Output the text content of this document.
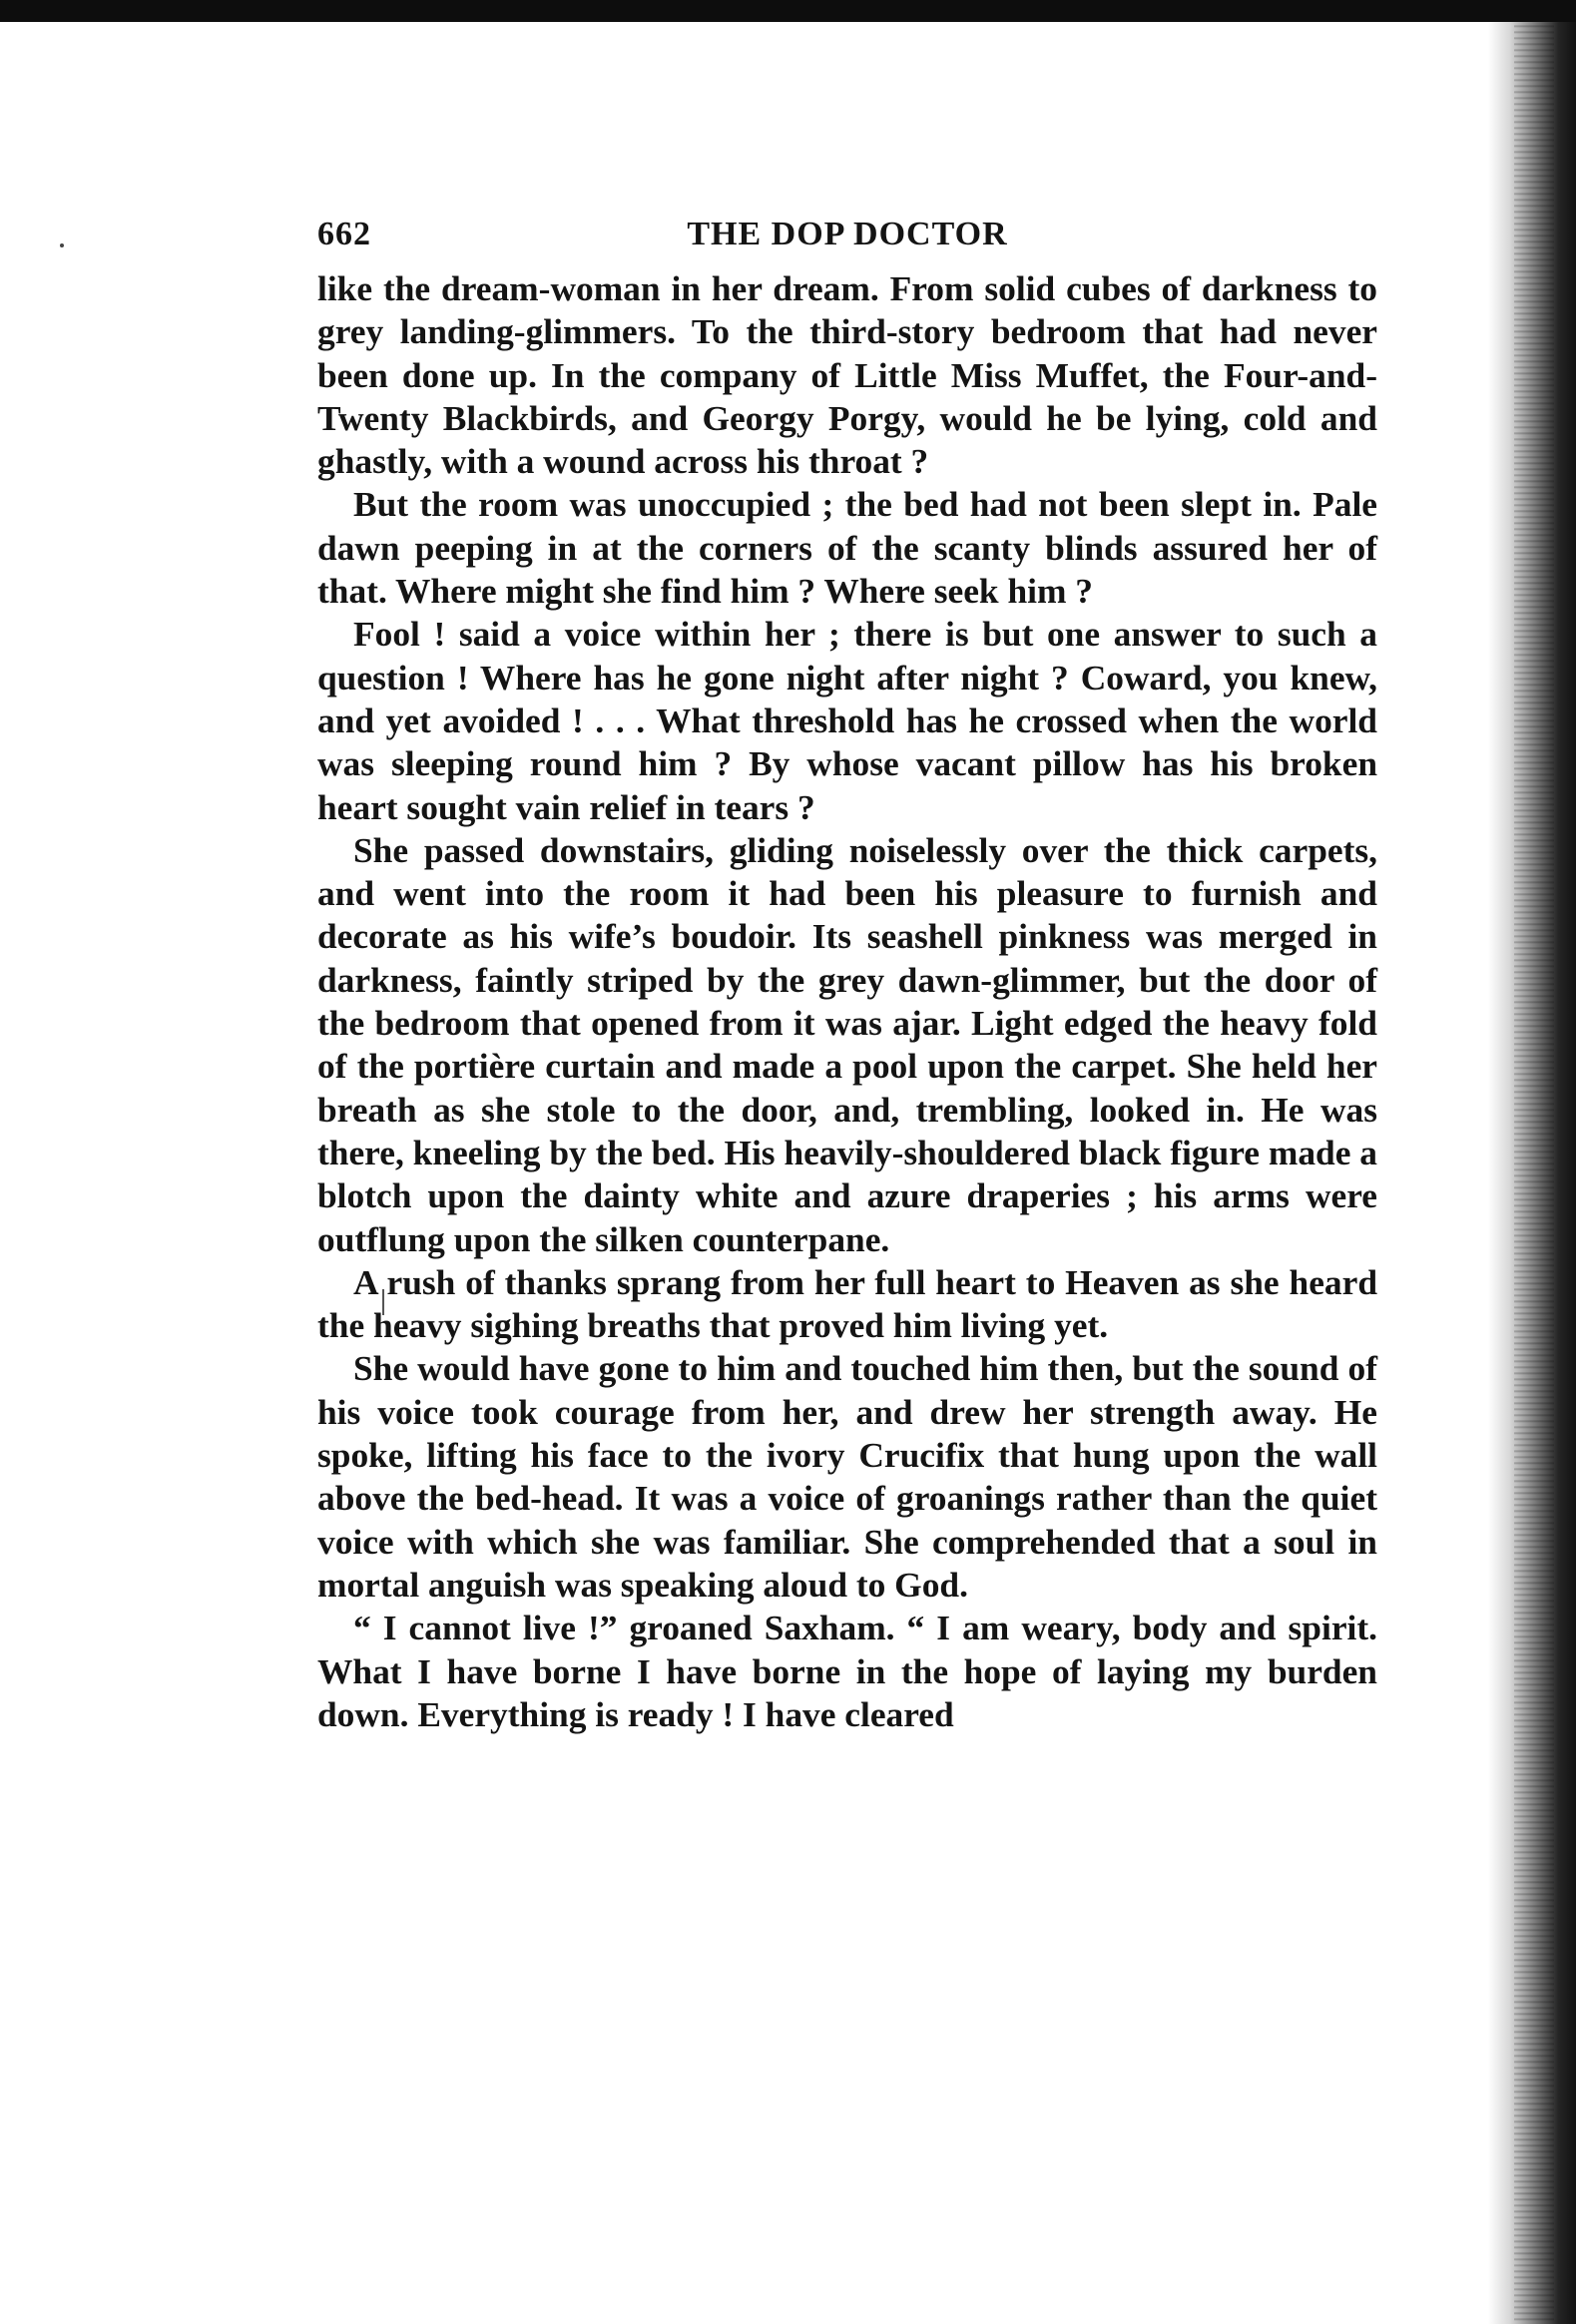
662	THE DOP DOCTOR

like the dream-woman in her dream. From solid cubes of darkness to grey landing-glimmers. To the third-story bedroom that had never been done up. In the company of Little Miss Muffet, the Four-and-Twenty Blackbirds, and Georgy Porgy, would he be lying, cold and ghastly, with a wound across his throat ?

But the room was unoccupied ; the bed had not been slept in. Pale dawn peeping in at the corners of the scanty blinds assured her of that. Where might she find him ? Where seek him ?

Fool ! said a voice within her ; there is but one answer to such a question ! Where has he gone night after night ? Coward, you knew, and yet avoided ! . . . What threshold has he crossed when the world was sleeping round him ? By whose vacant pillow has his broken heart sought vain relief in tears ?

She passed downstairs, gliding noiselessly over the thick carpets, and went into the room it had been his pleasure to furnish and decorate as his wife’s boudoir. Its seashell pinkness was merged in darkness, faintly striped by the grey dawn-glimmer, but the door of the bedroom that opened from it was ajar. Light edged the heavy fold of the portière curtain and made a pool upon the carpet. She held her breath as she stole to the door, and, trembling, looked in. He was there, kneeling by the bed. His heavily-shouldered black figure made a blotch upon the dainty white and azure draperies ; his arms were outflung upon the silken counterpane.

A rush of thanks sprang from her full heart to Heaven as she heard the heavy sighing breaths that proved him living yet.

She would have gone to him and touched him then, but the sound of his voice took courage from her, and drew her strength away. He spoke, lifting his face to the ivory Crucifix that hung upon the wall above the bed-head. It was a voice of groanings rather than the quiet voice with which she was familiar. She comprehended that a soul in mortal anguish was speaking aloud to God.

“ I cannot live !” groaned Saxham. “ I am weary, body and spirit. What I have borne I have borne in the hope of laying my burden down. Everything is ready ! I have cleared
